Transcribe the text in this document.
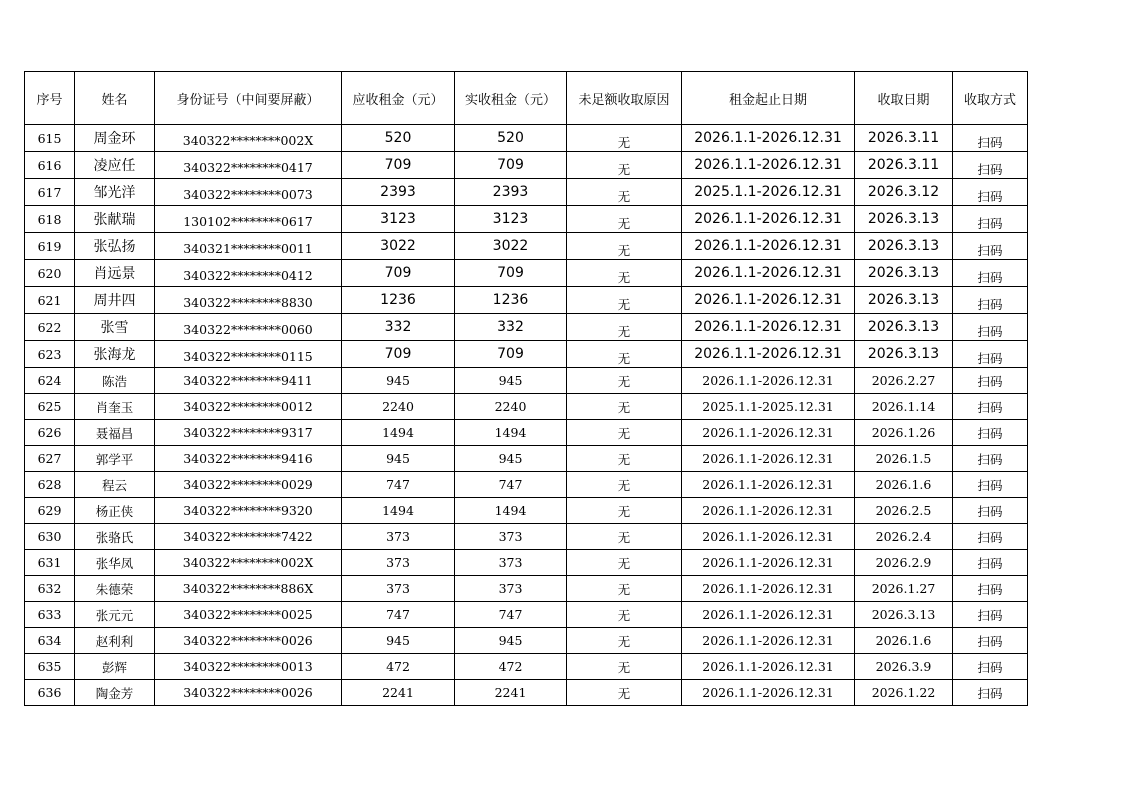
序号	姓名	身份证号（中间要屏蔽）	应收租金（元）	实收租金（元）	未足额收取原因	租金起止日期	收取日期	收取方式
615	周金环	340322********002X	520	520	无	2026.1.1-2026.12.31	2026.3.11	扫码
616	凌应任	340322********0417	709	709	无	2026.1.1-2026.12.31	2026.3.11	扫码
617	邹光洋	340322********0073	2393	2393	无	2025.1.1-2026.12.31	2026.3.12	扫码
618	张献瑞	130102********0617	3123	3123	无	2026.1.1-2026.12.31	2026.3.13	扫码
619	张弘扬	340321********0011	3022	3022	无	2026.1.1-2026.12.31	2026.3.13	扫码
620	肖远景	340322********0412	709	709	无	2026.1.1-2026.12.31	2026.3.13	扫码
621	周井四	340322********8830	1236	1236	无	2026.1.1-2026.12.31	2026.3.13	扫码
622	张雪	340322********0060	332	332	无	2026.1.1-2026.12.31	2026.3.13	扫码
623	张海龙	340322********0115	709	709	无	2026.1.1-2026.12.31	2026.3.13	扫码
624	陈浩	340322********9411	945	945	无	2026.1.1-2026.12.31	2026.2.27	扫码
625	肖奎玉	340322********0012	2240	2240	无	2025.1.1-2025.12.31	2026.1.14	扫码
626	聂福昌	340322********9317	1494	1494	无	2026.1.1-2026.12.31	2026.1.26	扫码
627	郭学平	340322********9416	945	945	无	2026.1.1-2026.12.31	2026.1.5	扫码
628	程云	340322********0029	747	747	无	2026.1.1-2026.12.31	2026.1.6	扫码
629	杨正侠	340322********9320	1494	1494	无	2026.1.1-2026.12.31	2026.2.5	扫码
630	张骆氏	340322********7422	373	373	无	2026.1.1-2026.12.31	2026.2.4	扫码
631	张华凤	340322********002X	373	373	无	2026.1.1-2026.12.31	2026.2.9	扫码
632	朱德荣	340322********886X	373	373	无	2026.1.1-2026.12.31	2026.1.27	扫码
633	张元元	340322********0025	747	747	无	2026.1.1-2026.12.31	2026.3.13	扫码
634	赵利利	340322********0026	945	945	无	2026.1.1-2026.12.31	2026.1.6	扫码
635	彭辉	340322********0013	472	472	无	2026.1.1-2026.12.31	2026.3.9	扫码
636	陶金芳	340322********0026	2241	2241	无	2026.1.1-2026.12.31	2026.1.22	扫码
